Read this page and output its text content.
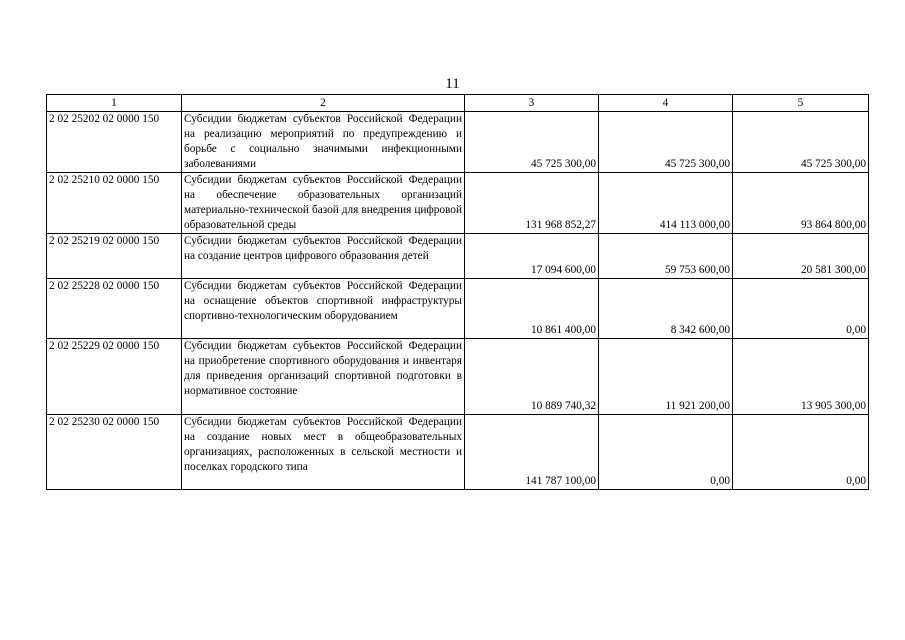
11
1	2	3	4	5
2 02 25202 02 0000 150	Субсидии бюджетам субъектов Российской Федерации на реализацию мероприятий по предупреждению и борьбе с социально значимыми инфекционными заболеваниями	45 725 300,00	45 725 300,00	45 725 300,00
2 02 25210 02 0000 150	Субсидии бюджетам субъектов Российской Федерации на обеспечение образовательных организаций материально-технической базой для внедрения цифровой образовательной среды	131 968 852,27	414 113 000,00	93 864 800,00
2 02 25219 02 0000 150	Субсидии бюджетам субъектов Российской Федерации на создание центров цифрового образования детей	17 094 600,00	59 753 600,00	20 581 300,00
2 02 25228 02 0000 150	Субсидии бюджетам субъектов Российской Федерации на оснащение объектов спортивной инфраструктуры спортивно-технологическим оборудованием	10 861 400,00	8 342 600,00	0,00
2 02 25229 02 0000 150	Субсидии бюджетам субъектов Российской Федерации на приобретение спортивного оборудования и инвентаря для приведения организаций спортивной подготовки в нормативное состояние	10 889 740,32	11 921 200,00	13 905 300,00
2 02 25230 02 0000 150	Субсидии бюджетам субъектов Российской Федерации на создание новых мест в общеобразовательных организациях, расположенных в сельской местности и поселках городского типа	141 787 100,00	0,00	0,00
